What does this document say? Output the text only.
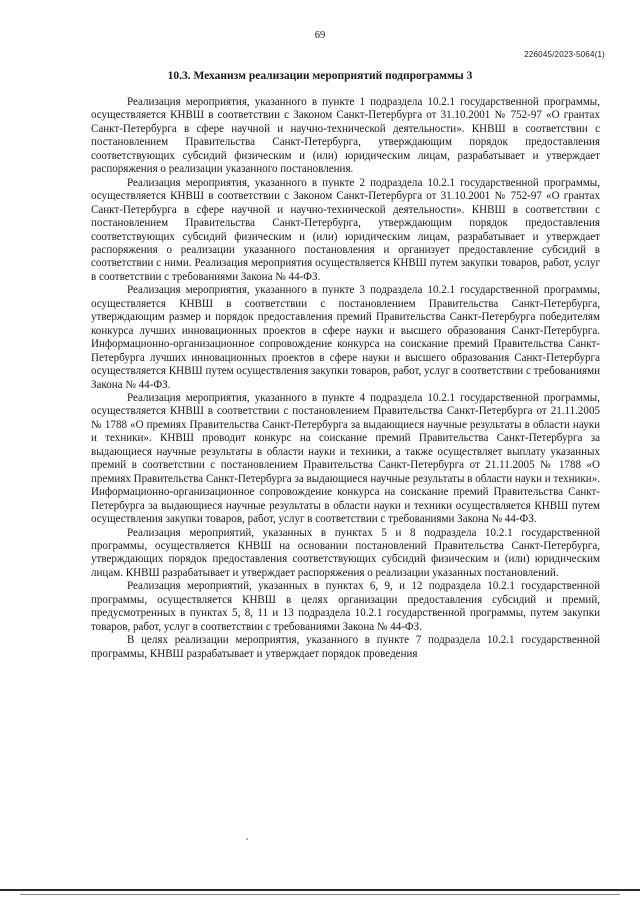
69
226045/2023-5064(1)
10.3. Механизм реализации мероприятий подпрограммы 3

Реализация мероприятия, указанного в пункте 1 подраздела 10.2.1 государственной программы, осуществляется КНВШ в соответствии с Законом Санкт-Петербурга от 31.10.2001 № 752-97 «О грантах Санкт-Петербурга в сфере научной и научно-технической деятельности». КНВШ в соответствии с постановлением Правительства Санкт-Петербурга, утверждающим порядок предоставления соответствующих субсидий физическим и (или) юридическим лицам, разрабатывает и утверждает распоряжения о реализации указанного постановления.

Реализация мероприятия, указанного в пункте 2 подраздела 10.2.1 государственной программы, осуществляется КНВШ в соответствии с Законом Санкт-Петербурга от 31.10.2001 № 752-97 «О грантах Санкт-Петербурга в сфере научной и научно-технической деятельности». КНВШ в соответствии с постановлением Правительства Санкт-Петербурга, утверждающим порядок предоставления соответствующих субсидий физическим и (или) юридическим лицам, разрабатывает и утверждает распоряжения о реализации указанного постановления и организует предоставление субсидий в соответствии с ними. Реализация мероприятия осуществляется КНВШ путем закупки товаров, работ, услуг в соответствии с требованиями Закона № 44-ФЗ.

Реализация мероприятия, указанного в пункте 3 подраздела 10.2.1 государственной программы, осуществляется КНВШ в соответствии с постановлением Правительства Санкт-Петербурга, утверждающим размер и порядок предоставления премий Правительства Санкт-Петербурга победителям конкурса лучших инновационных проектов в сфере науки и высшего образования Санкт-Петербурга. Информационно-организационное сопровождение конкурса на соискание премий Правительства Санкт-Петербурга лучших инновационных проектов в сфере науки и высшего образования Санкт-Петербурга осуществляется КНВШ путем осуществления закупки товаров, работ, услуг в соответствии с требованиями Закона № 44-ФЗ.

Реализация мероприятия, указанного в пункте 4 подраздела 10.2.1 государственной программы, осуществляется КНВШ в соответствии с постановлением Правительства Санкт-Петербурга от 21.11.2005 № 1788 «О премиях Правительства Санкт-Петербурга за выдающиеся научные результаты в области науки и техники». КНВШ проводит конкурс на соискание премий Правительства Санкт-Петербурга за выдающиеся научные результаты в области науки и техники, а также осуществляет выплату указанных премий в соответствии с постановлением Правительства Санкт-Петербурга от 21.11.2005 № 1788 «О премиях Правительства Санкт-Петербурга за выдающиеся научные результаты в области науки и техники». Информационно-организационное сопровождение конкурса на соискание премий Правительства Санкт-Петербурга за выдающиеся научные результаты в области науки и техники осуществляется КНВШ путем осуществления закупки товаров, работ, услуг в соответствии с требованиями Закона № 44-ФЗ.

Реализация мероприятий, указанных в пунктах 5 и 8 подраздела 10.2.1 государственной программы, осуществляется КНВШ на основании постановлений Правительства Санкт-Петербурга, утверждающих порядок предоставления соответствующих субсидий физическим и (или) юридическим лицам. КНВШ разрабатывает и утверждает распоряжения о реализации указанных постановлений.

Реализация мероприятий, указанных в пунктах 6, 9, и 12 подраздела 10.2.1 государственной программы, осуществляется КНВШ в целях организации предоставления субсидий и премий, предусмотренных в пунктах 5, 8, 11 и 13 подраздела 10.2.1 государственной программы, путем закупки товаров, работ, услуг в соответствии с требованиями Закона № 44-ФЗ.

В целях реализации мероприятия, указанного в пункте 7 подраздела 10.2.1 государственной программы, КНВШ разрабатывает и утверждает порядок проведения
